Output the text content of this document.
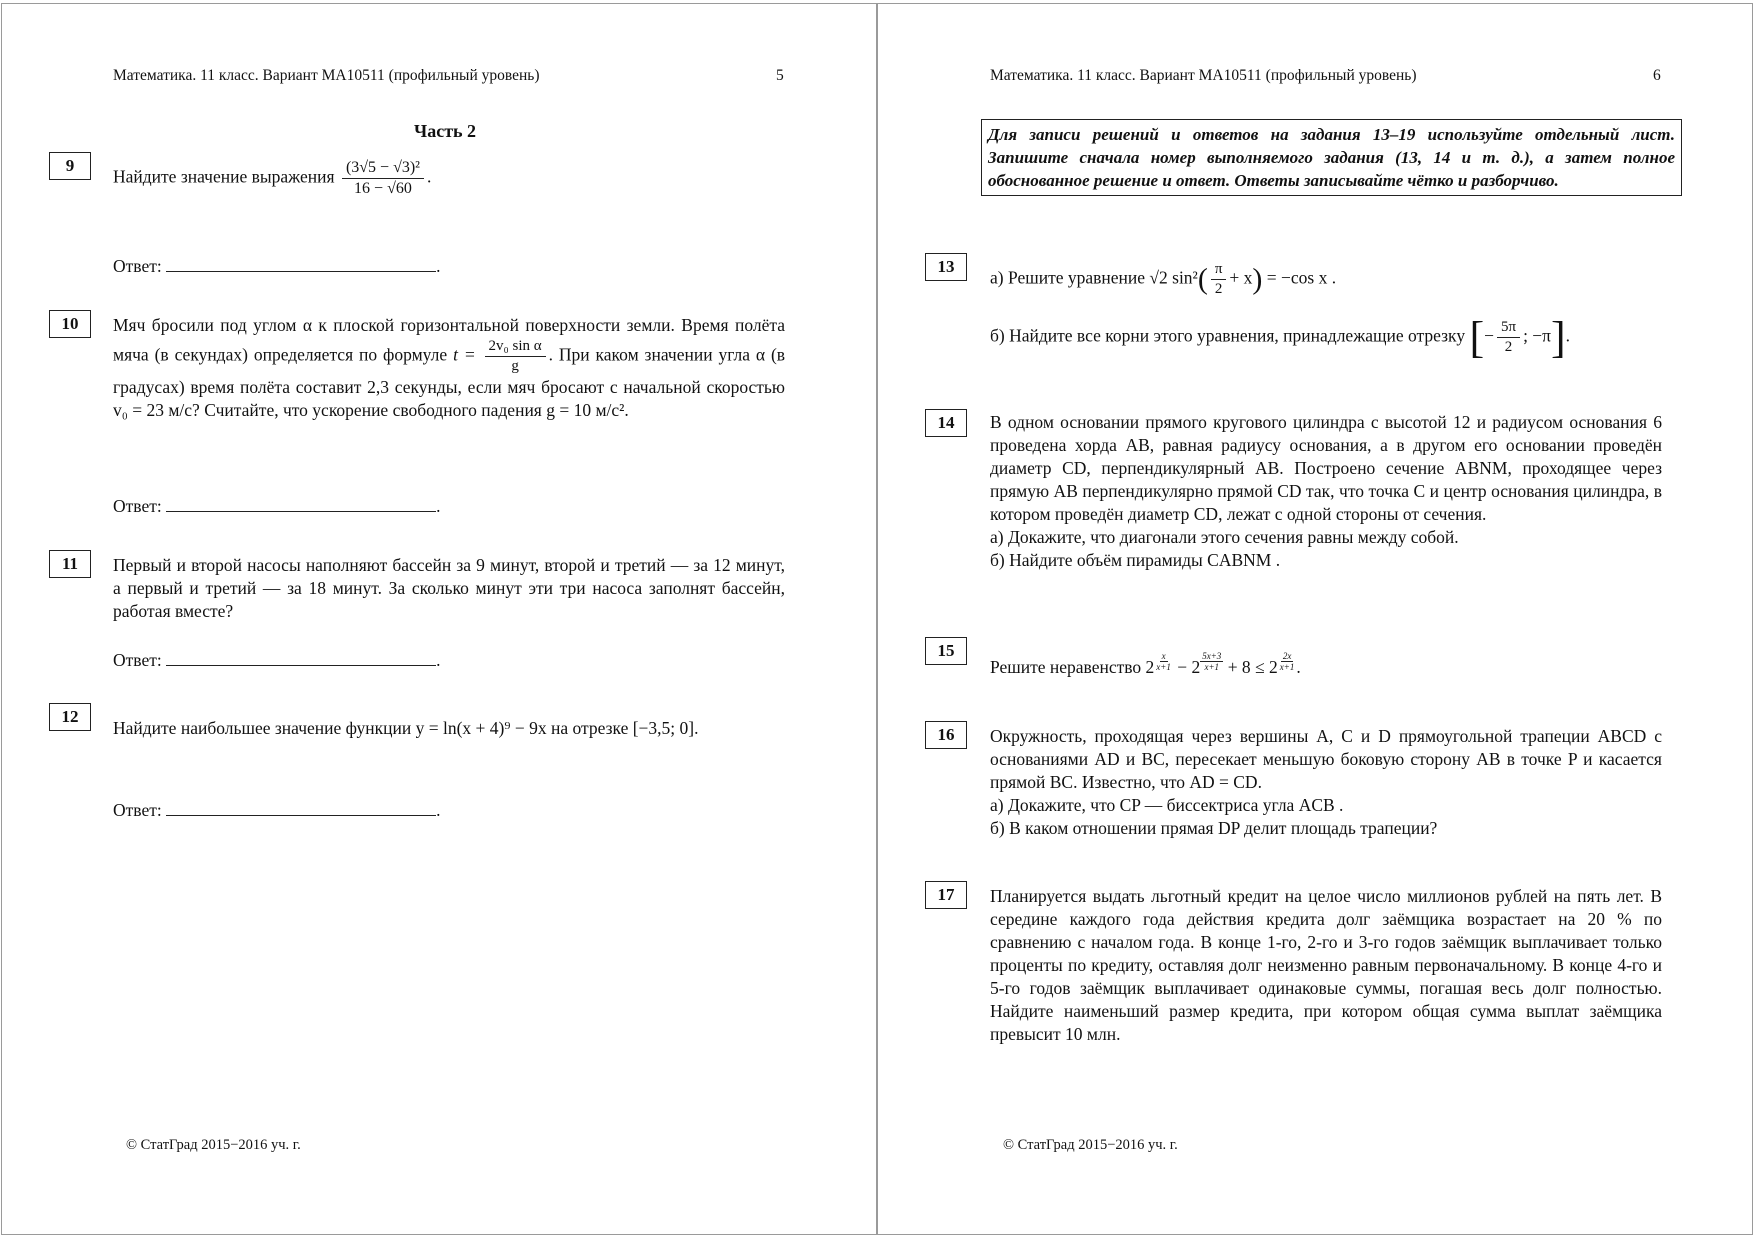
Математика. 11 класс. Вариант МА10511 (профильный уровень)	5	Математика. 11 класс. Вариант МА10511 (профильный уровень)	6
Часть 2
9
Найдите значение выражения $\frac{\text{(3√5 − √3)²}}{16 - √60}$ .
Ответ:	.
10	Мяч бросили под углом α к плоской горизонтальной поверхности земли. Время полёта мяча (в секундах) определяется по формуле $t = \frac{\text{2v₀ sin α}}{g}$ . При каком значении угла α (в градусах) время полёта составит 2,3 секунды, если мяч бросают с начальной скоростью v₀ = 23 м/с? Считайте, что ускорение свободного падения g = 10 м/с².
Ответ:	.
11	Первый и второй насосы наполняют бассейн за 9 минут, второй и третий — за 12 минут, а первый и третий — за 18 минут. За сколько минут эти три насоса заполнят бассейн, работая вместе?
Ответ:	.
12
Найдите наибольшее значение функции y = ln(x + 4)⁹ − 9x на отрезке [−3,5; 0].
Ответ:	.
© СтатГрад 2015−2016 уч. г.
Для записи решений и ответов на задания 13–19 используйте отдельный лист. Запишите сначала номер выполняемого задания (13, 14 и т. д.), а затем полное обоснованное решение и ответ. Ответы записывайте чётко и разборчиво.
13
а) Решите уравнение √2 $\sin^2( \frac{\pi}{2} + x) = -\cos$ x .
б) Найдите все корни этого уравнения, принадлежащие отрезку [− $\frac{5\pi}{2}$ ; −π].
14	В одном основании прямого кругового цилиндра с высотой 12 и радиусом основания 6 проведена хорда AB, равная радиусу основания, а в другом его основании проведён диаметр CD, перпендикулярный AB. Построено сечение ABNM, проходящее через прямую AB перпендикулярно прямой CD так, что точка C и центр основания цилиндра, в котором проведён диаметр CD, лежат с одной стороны от сечения.
а) Докажите, что диагонали этого сечения равны между собой.
б) Найдите объём пирамиды CABNM .
15
Решите неравенство $2 \frac{x}{x+1} - 2 \frac{5x+3}{x+1} + 8 \le 2 \frac{2x}{x+1}$ .
16	Окружность, проходящая через вершины A, C и D прямоугольной трапеции ABCD с основаниями AD и BC, пересекает меньшую боковую сторону AB в точке P и касается прямой BC. Известно, что AD = CD.
а) Докажите, что CP — биссектриса угла ACB .
б) В каком отношении прямая DP делит площадь трапеции?
17	Планируется выдать льготный кредит на целое число миллионов рублей на пять лет. В середине каждого года действия кредита долг заёмщика возрастает на 20 % по сравнению с началом года. В конце 1-го, 2-го и 3-го годов заёмщик выплачивает только проценты по кредиту, оставляя долг неизменно равным первоначальному. В конце 4-го и 5-го годов заёмщик выплачивает одинаковые суммы, погашая весь долг полностью. Найдите наименьший размер кредита, при котором общая сумма выплат заёмщика превысит 10 млн.
© СтатГрад 2015−2016 уч. г.
